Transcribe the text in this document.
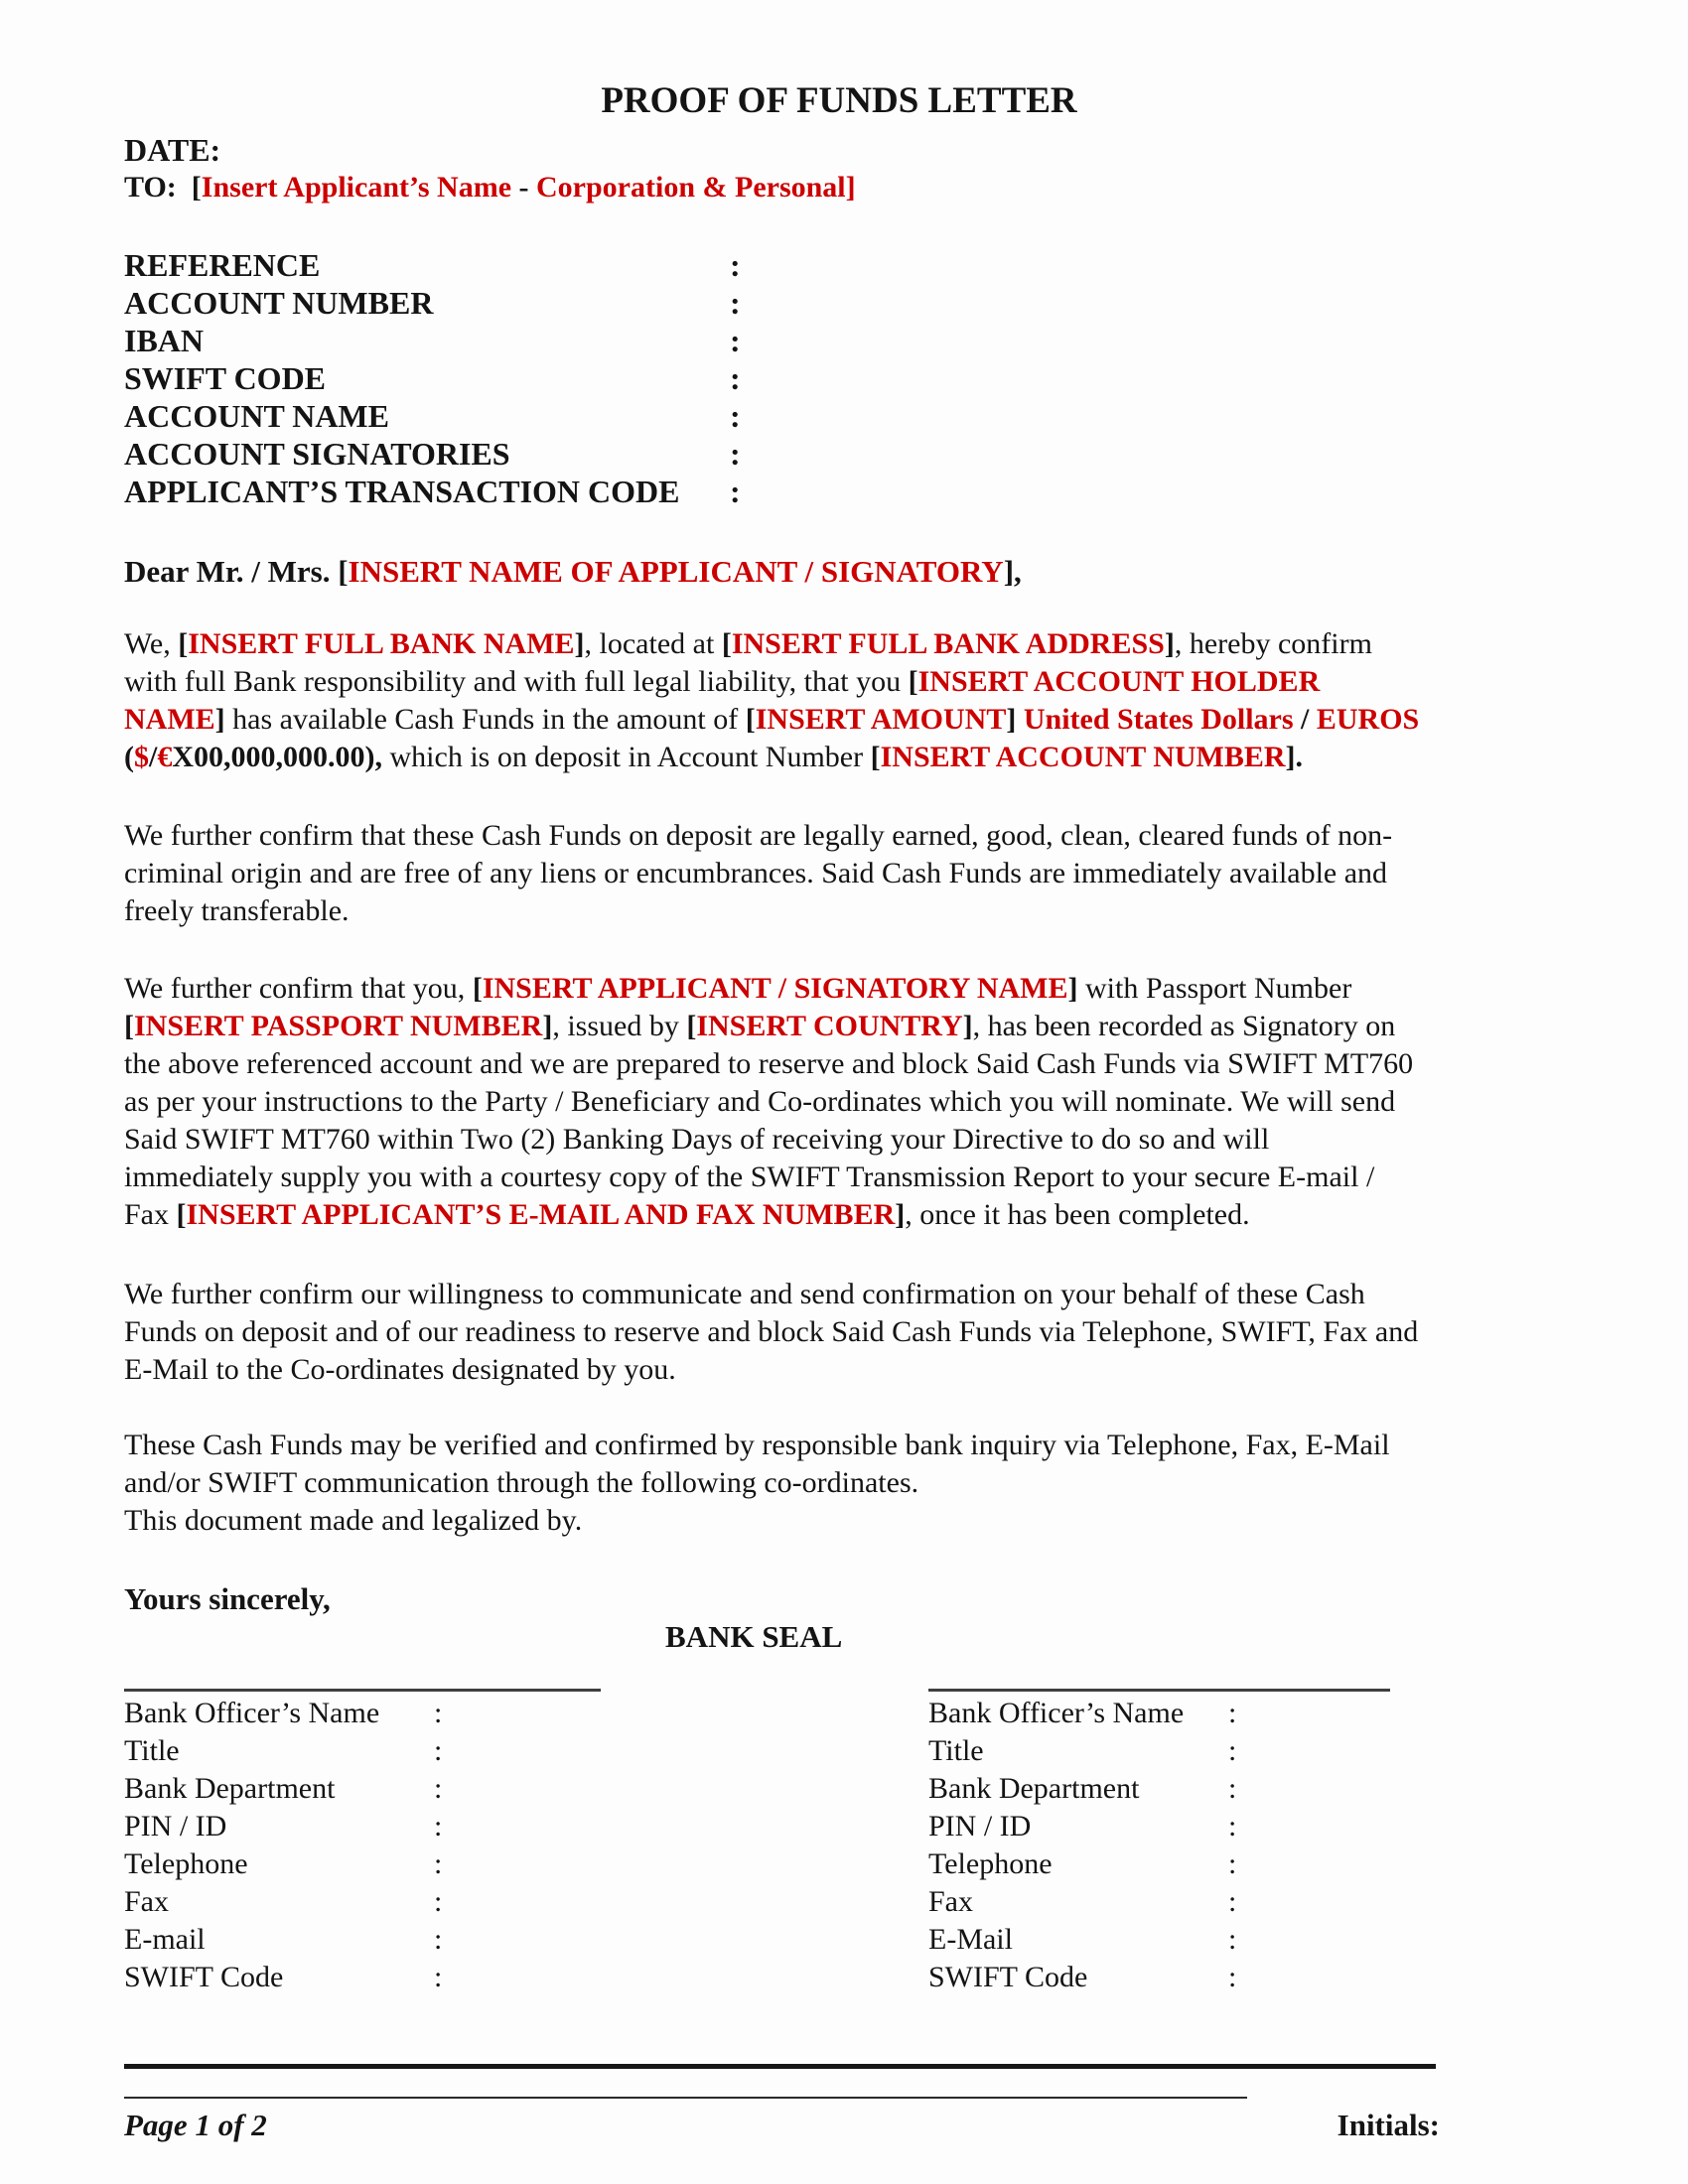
PROOF OF FUNDS LETTER
DATE:
TO: [Insert Applicant’s Name - Corporation & Personal]
REFERENCE	:
ACCOUNT NUMBER	:
IBAN	:
SWIFT CODE	:
ACCOUNT NAME	:
ACCOUNT SIGNATORIES	:
APPLICANT’S TRANSACTION CODE	:
Dear Mr. / Mrs. [INSERT NAME OF APPLICANT / SIGNATORY],
We, [INSERT FULL BANK NAME], located at [INSERT FULL BANK ADDRESS], hereby confirm
with full Bank responsibility and with full legal liability, that you [INSERT ACCOUNT HOLDER
NAME] has available Cash Funds in the amount of [INSERT AMOUNT] United States Dollars / EUROS
($/€X00,000,000.00), which is on deposit in Account Number [INSERT ACCOUNT NUMBER].
We further confirm that these Cash Funds on deposit are legally earned, good, clean, cleared funds of non-
criminal origin and are free of any liens or encumbrances. Said Cash Funds are immediately available and
freely transferable.
We further confirm that you, [INSERT APPLICANT / SIGNATORY NAME] with Passport Number
[INSERT PASSPORT NUMBER], issued by [INSERT COUNTRY], has been recorded as Signatory on
the above referenced account and we are prepared to reserve and block Said Cash Funds via SWIFT MT760
as per your instructions to the Party / Beneficiary and Co-ordinates which you will nominate. We will send
Said SWIFT MT760 within Two (2) Banking Days of receiving your Directive to do so and will
immediately supply you with a courtesy copy of the SWIFT Transmission Report to your secure E-mail /
Fax [INSERT APPLICANT’S E-MAIL AND FAX NUMBER], once it has been completed.
We further confirm our willingness to communicate and send confirmation on your behalf of these Cash
Funds on deposit and of our readiness to reserve and block Said Cash Funds via Telephone, SWIFT, Fax and
E-Mail to the Co-ordinates designated by you.
These Cash Funds may be verified and confirmed by responsible bank inquiry via Telephone, Fax, E-Mail
and/or SWIFT communication through the following co-ordinates.
This document made and legalized by.
Yours sincerely,
BANK SEAL
Bank Officer’s Name	:
Title	:
Bank Department	:
PIN / ID	:
Telephone	:
Fax	:
E-mail	:
SWIFT Code	:
Bank Officer’s Name	:
Title	:
Bank Department	:
PIN / ID	:
Telephone	:
Fax	:
E-Mail	:
SWIFT Code	:
Page 1 of 2	Initials:
